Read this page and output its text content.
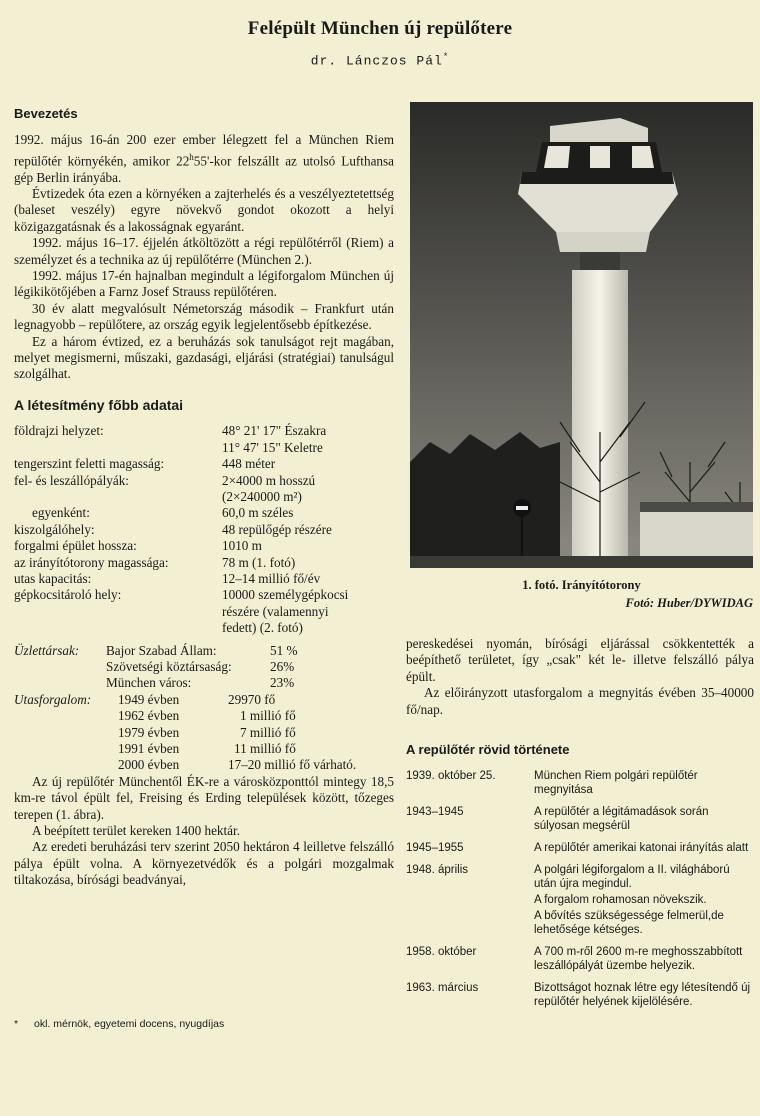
Felépült München új repülőtere
dr. Lánczos Pál*
Bevezetés

1992. május 16-án 200 ezer ember lélegzett fel a München Riem repülőtér környékén, amikor 22$^h$55'-kor felszállt az utolsó Lufthansa gép Berlin irányába.

Évtizedek óta ezen a környéken a zajterhelés és a veszélyeztetettség (baleset veszély) egyre növekvő gondot okozott a helyi közigazgatásnak és a lakosságnak egyaránt.

1992. május 16–17. éjjelén átköltözött a régi repülőtérről (Riem) a személyzet és a technika az új repülőtérre (München 2.).

1992. május 17-én hajnalban megindult a légiforgalom München új légikikötőjében a Farnz Josef Strauss repülőtéren.

30 év alatt megvalósult Németország második – Frankfurt után legnagyobb – repülőtere, az ország egyik legjelentősebb építkezése.

Ez a három évtized, ez a beruházás sok tanulságot rejt magában, melyet megismerni, műszaki, gazdasági, eljárási (stratégiai) tanulságul szolgálhat.

A létesítmény főbb adatai
földrajzi helyzet:	48° 21' 17" Északra
	11° 47' 15" Keletre
tengerszint feletti magasság:	448 méter
fel- és leszállópályák:	2×4000 m hosszú
	(2×240000 m²)
egyenként:	60,0 m széles
kiszolgálóhely:	48 repülőgép részére
forgalmi épület hossza:	1010 m
az irányítótorony magassága:	78 m (1. fotó)
utas kapacitás:	12–14 millió fő/év
gépkocsitároló hely:	10000 személygépkocsi
	részére (valamennyi
	fedett) (2. fotó)
Üzlettársak:	Bajor Szabad Állam:	51 %
	Szövetségi köztársaság:	26%
	München város:	23%
Utasforgalom:	1949 évben	29970 fő
	1962 évben	1 millió fő
	1979 évben	7 millió fő
	1991 évben	11 millió fő
	2000 évben	17–20 millió fő várható.

Az új repülőtér Münchentől ÉK-re a városközponttól mintegy 18,5 km-re távol épült fel, Freising és Erding települések között, tőzeges terepen (1. ábra).

A beépített terület kereken 1400 hektár.

Az eredeti beruházási terv szerint 2050 hektáron 4 leilletve felszálló pálya épült volna. A környezetvédők és a polgári mozgalmak tiltakozása, bírósági beadványai,

* okl. mérnök, egyetemi docens, nyugdíjas
1. fotó. Irányítótorony
Fotó: Huber/DYWIDAG

pereskedései nyomán, bírósági eljárással csökkentették a beépíthető területet, így „csak" két le- illetve felszálló pálya épült.

Az előirányzott utasforgalom a megnyitás évében 35–40000 fő/nap.

A repülőtér rövid története
1939. október 25.	München Riem polgári repülőtér megnyitása
1943–1945	A repülőtér a légitámadások során súlyosan megsérül
1945–1955	A repülőtér amerikai katonai irányítás alatt
1948. április	A polgári légiforgalom a II. világháború után újra megindul.
A forgalom rohamosan növekszik.
A bővítés szükségessége felmerül,de lehetősége kétséges.
1958. október	A 700 m-ről 2600 m-re meghosszabbított leszállópályát üzembe helyezik.
1963. március	Bizottságot hoznak létre egy létesítendő új repülőtér helyének kijelölésére.
